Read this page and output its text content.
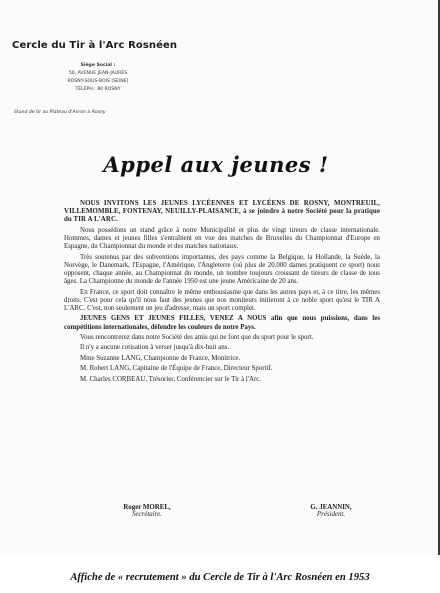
Cercle du Tir à l'Arc Rosnéen
Siège Social :
50, AVENUE JEAN-JAURÈS
ROSNY-SOUS-BOIS (SEINE)
TÉLÉPH.: 80 ROSNY
Stand de tir au Plateau d'Avron à Rosny
Appel aux jeunes !

NOUS INVITONS LES JEUNES LYCÉENNES ET LYCÉENS DE ROSNY, MONTREUIL, VILLEMOMBLE, FONTENAY, NEUILLY-PLAISANCE, à se joindre à notre Société pour la pratique du TIR A L'ARC.

Nous possédons un stand grâce à notre Municipalité et plus de vingt tireurs de classe internationale. Hommes, dames et jeunes filles s'entraînent en vue des matches de Bruxelles du Championnat d'Europe en Espagne, du Championnat du monde et des matches nationaux.

Très soutenus par des subventions importantes, des pays comme la Belgique, la Hollande, la Suède, la Norvège, le Danemark, l'Espagne, l'Amérique, l'Angleterre (où plus de 20.000 dames pratiquent ce sport) nous opposent, chaque année, au Championnat du monde, un nombre toujours croissant de tireurs de classe de tous âges. La Championne du monde de l'année 1950 est une jeune Américaine de 20 ans.

En France, ce sport doit connaître le même enthousiasme que dans les autres pays et, à ce titre, les mêmes droits. C'est pour cela qu'il nous faut des jeunes que nos moniteurs initieront à ce noble sport qu'est le TIR A L'ARC. C'est, non seulement un jeu d'adresse, mais un sport complet.

JEUNES GENS ET JEUNES FILLES, VENEZ A NOUS afin que nous puissions, dans les compétitions internationales, défendre les couleurs de notre Pays.

Vous rencontrerez dans notre Société des amis qui ne font que du sport pour le sport.

Il n'y a aucune cotisation à verser jusqu'à dix-huit ans.

Mme Suzanne LANG, Championne de France, Monitrice.

M. Robert LANG, Capitaine de l'Équipe de France, Directeur Sportif.

M. Charles CORBEAU, Trésorier, Conférencier sur le Tir à l'Arc.

Roger MOREL,
Secrétaire.
G. JEANNIN,
Président.
Affiche de « recrutement » du Cercle de Tir à l'Arc Rosnéen en 1953
